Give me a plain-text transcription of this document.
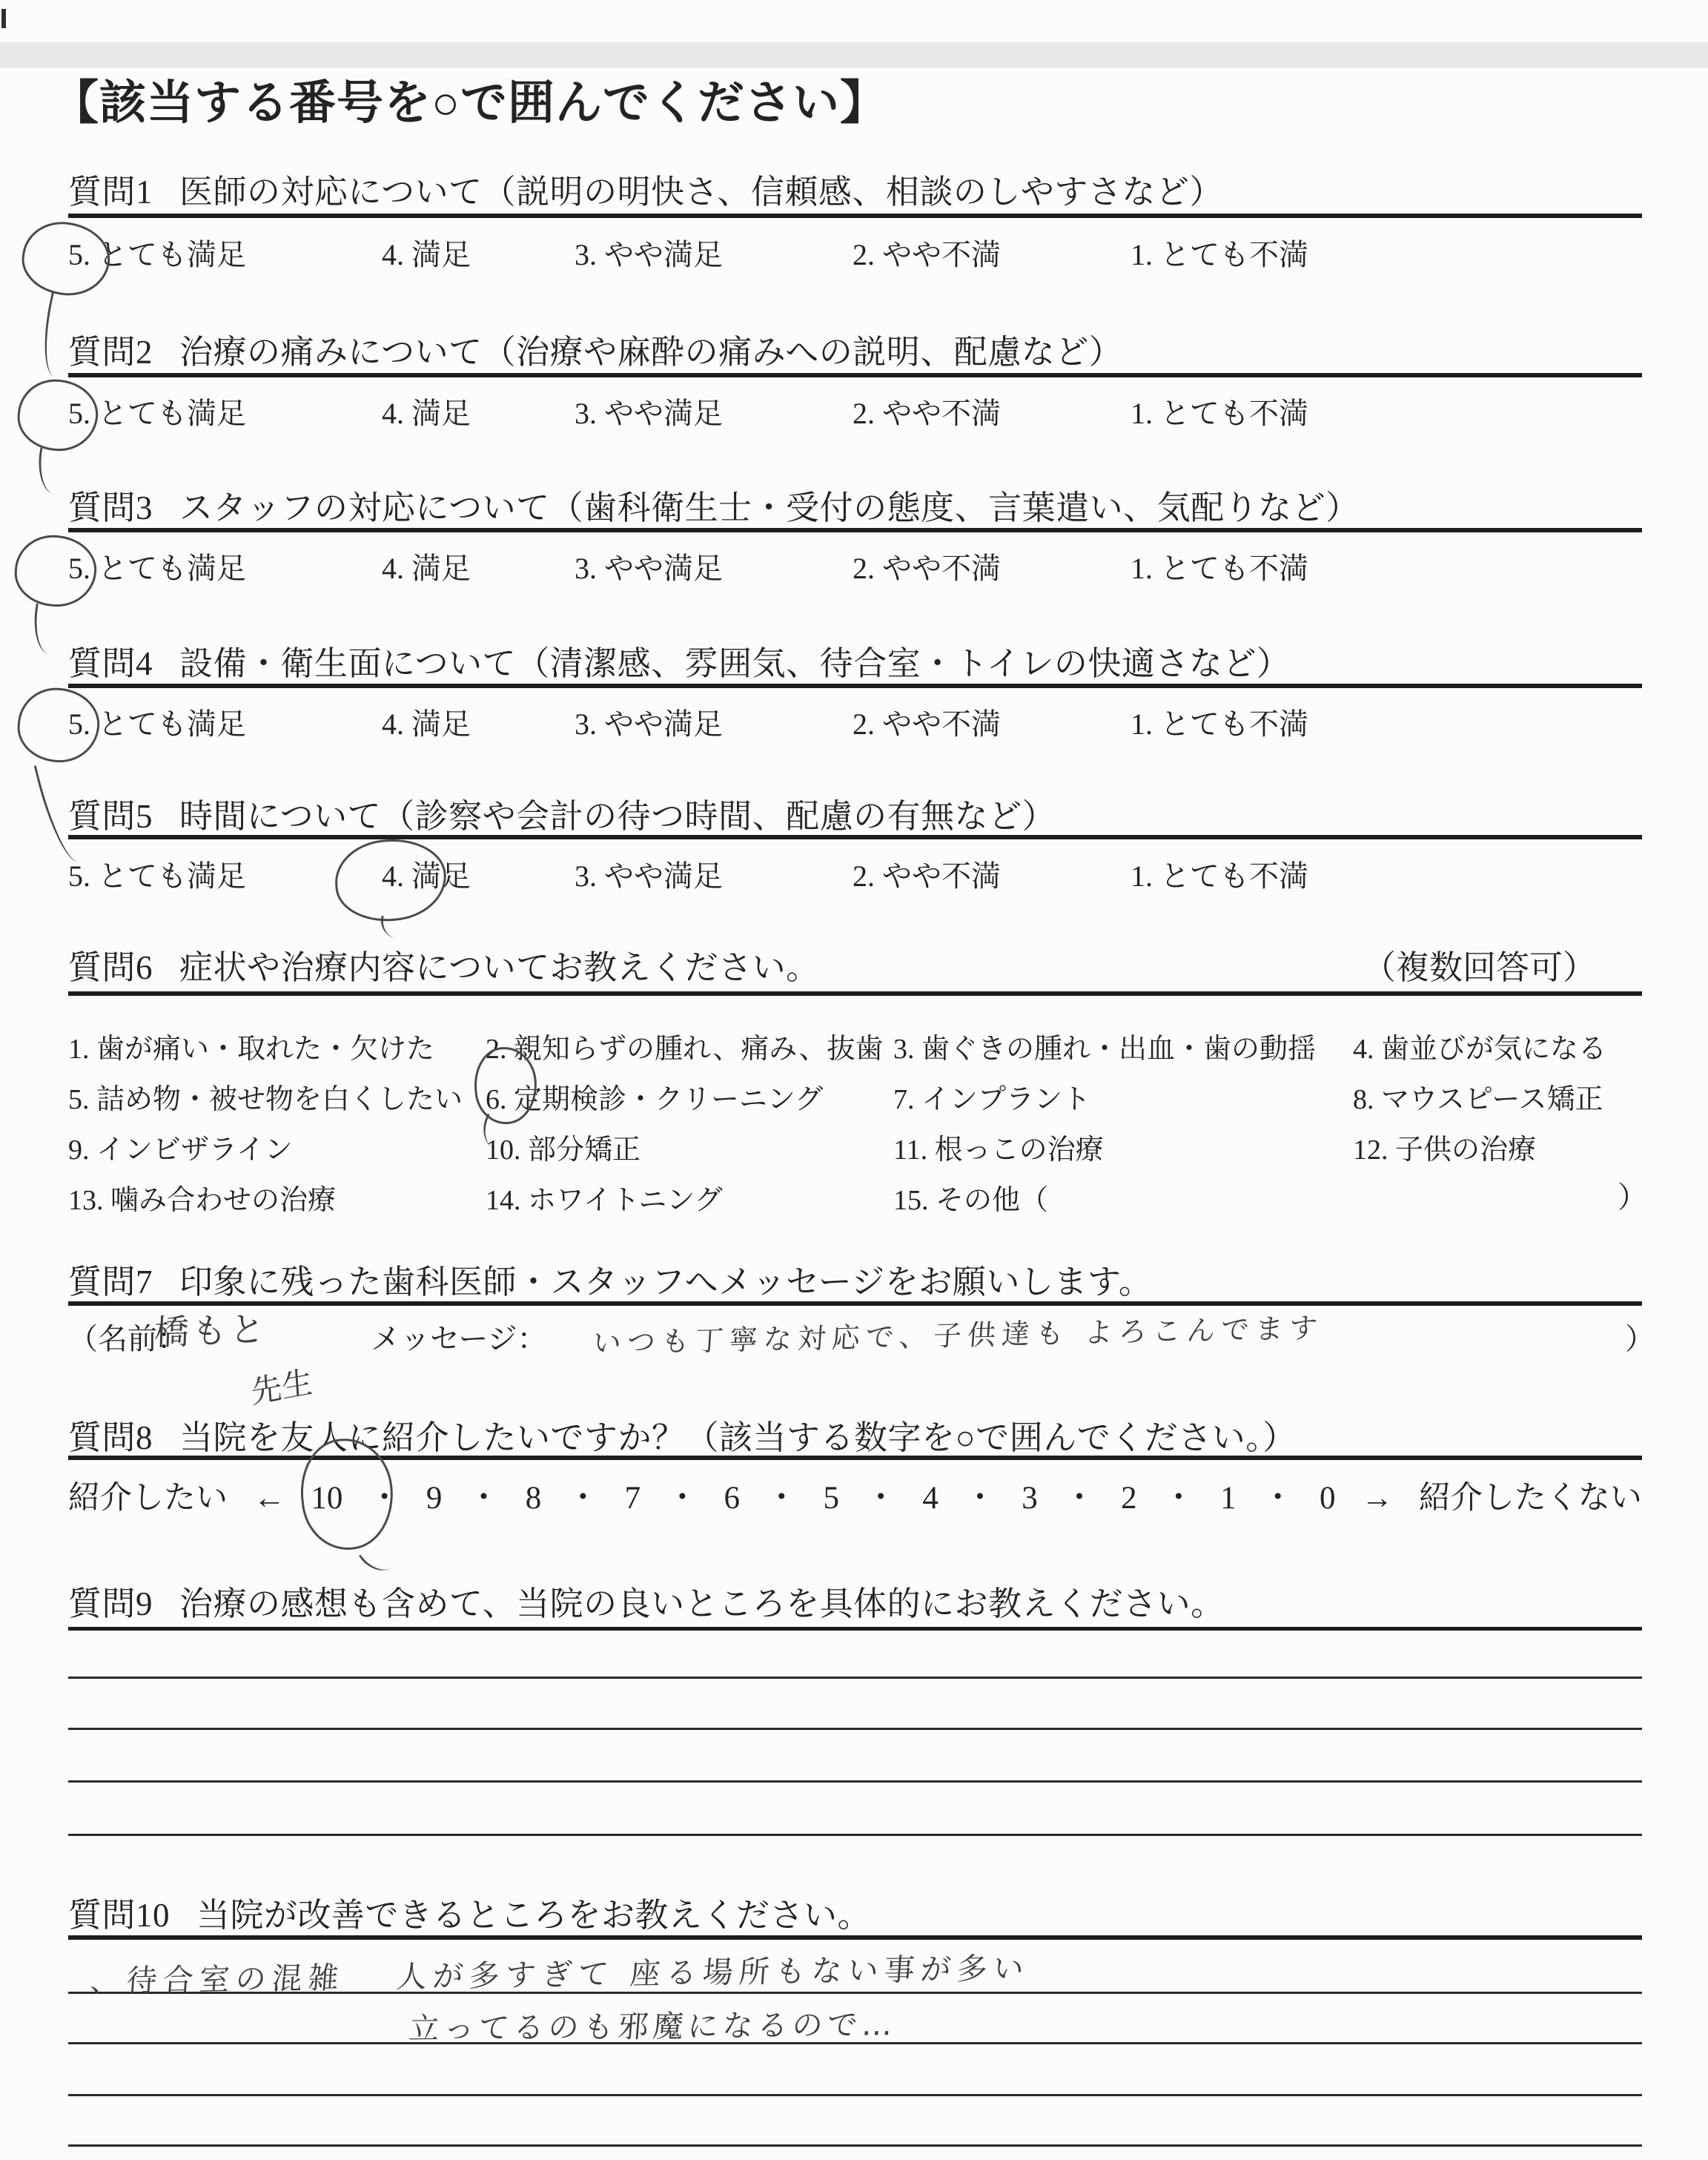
【該当する番号を○で囲んでください】
質問1 医師の対応について（説明の明快さ、信頼感、相談のしやすさなど）
5. とても満足	4. 満足	3. やや満足	2. やや不満	1. とても不満
質問2 治療の痛みについて（治療や麻酔の痛みへの説明、配慮など）
5. とても満足	4. 満足	3. やや満足	2. やや不満	1. とても不満
質問3 スタッフの対応について（歯科衛生士・受付の態度、言葉遣い、気配りなど）
5. とても満足	4. 満足	3. やや満足	2. やや不満	1. とても不満
質問4 設備・衛生面について（清潔感、雰囲気、待合室・トイレの快適さなど）
5. とても満足	4. 満足	3. やや満足	2. やや不満	1. とても不満
質問5 時間について（診察や会計の待つ時間、配慮の有無など）
5. とても満足	4. 満足	3. やや満足	2. やや不満	1. とても不満
質問6 症状や治療内容についてお教えください。	（複数回答可）
1. 歯が痛い・取れた・欠けた 2. 親知らずの腫れ、痛み、抜歯 3. 歯ぐきの腫れ・出血・歯の動揺 4. 歯並びが気になる
5. 詰め物・被せ物を白くしたい 6. 定期検診・クリーニング 7. インプラント	8. マウスピース矯正
9. インビザライン	10. 部分矯正	11. 根っこの治療	12. 子供の治療
13. 噛み合わせの治療	14. ホワイトニング	15. その他（	）
質問7 印象に残った歯科医師・スタッフへメッセージをお願いします。
（名前：	メッセージ：	）
橋もと
先生
いつも丁寧な対応で、子供達も よろこんでます
質問8 当院を友人に紹介したいですか？（該当する数字を○で囲んでください。）
紹介したい ← 10 ・ 9 ・ 8 ・ 7 ・ 6 ・ 5 ・ 4 ・ 3 ・ 2 ・ 1 ・ 0 → 紹介したくない
質問9 治療の感想も含めて、当院の良いところを具体的にお教えください。
質問10 当院が改善できるところをお教えください。
、待合室の混雑　 人が多すぎて 座る場所もない事が多い
立ってるのも邪魔になるので…
